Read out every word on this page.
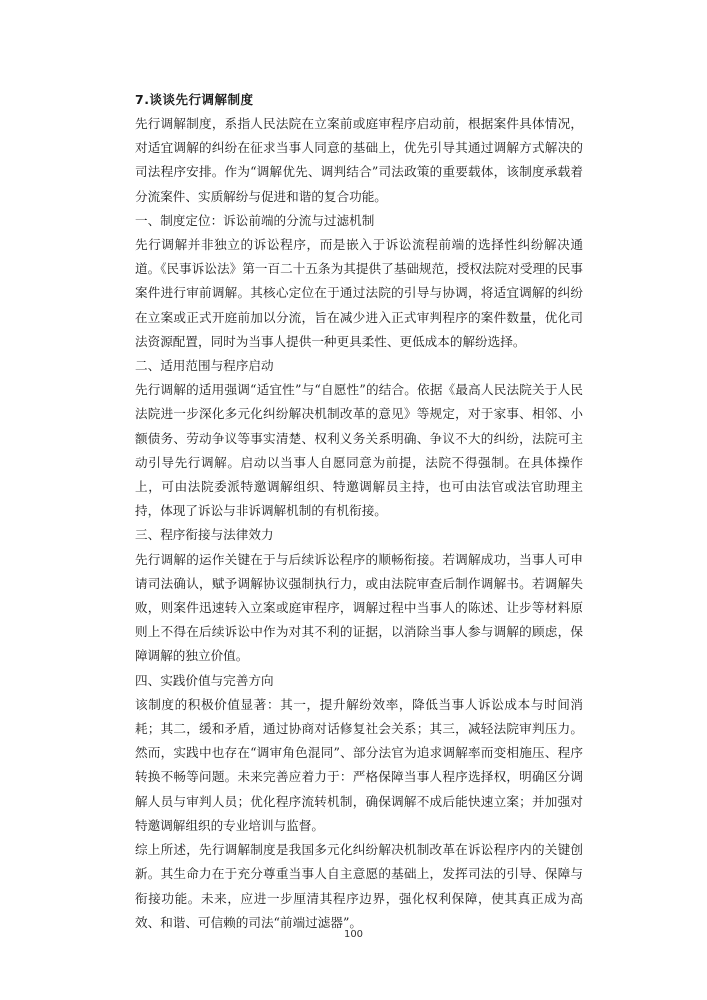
7.谈谈先行调解制度

先行调解制度，系指人民法院在立案前或庭审程序启动前，根据案件具体情况，对适宜调解的纠纷在征求当事人同意的基础上，优先引导其通过调解方式解决的司法程序安排。作为“调解优先、调判结合”司法政策的重要载体，该制度承载着分流案件、实质解纷与促进和谐的复合功能。

一、制度定位：诉讼前端的分流与过滤机制

先行调解并非独立的诉讼程序，而是嵌入于诉讼流程前端的选择性纠纷解决通道。《民事诉讼法》第一百二十五条为其提供了基础规范，授权法院对受理的民事案件进行审前调解。其核心定位在于通过法院的引导与协调，将适宜调解的纠纷在立案或正式开庭前加以分流，旨在减少进入正式审判程序的案件数量，优化司法资源配置，同时为当事人提供一种更具柔性、更低成本的解纷选择。

二、适用范围与程序启动

先行调解的适用强调“适宜性”与“自愿性”的结合。依据《最高人民法院关于人民法院进一步深化多元化纠纷解决机制改革的意见》等规定，对于家事、相邻、小额债务、劳动争议等事实清楚、权利义务关系明确、争议不大的纠纷，法院可主动引导先行调解。启动以当事人自愿同意为前提，法院不得强制。在具体操作上，可由法院委派特邀调解组织、特邀调解员主持，也可由法官或法官助理主持，体现了诉讼与非诉调解机制的有机衔接。

三、程序衔接与法律效力

先行调解的运作关键在于与后续诉讼程序的顺畅衔接。若调解成功，当事人可申请司法确认，赋予调解协议强制执行力，或由法院审查后制作调解书。若调解失败，则案件迅速转入立案或庭审程序，调解过程中当事人的陈述、让步等材料原则上不得在后续诉讼中作为对其不利的证据，以消除当事人参与调解的顾虑，保障调解的独立价值。

四、实践价值与完善方向

该制度的积极价值显著：其一，提升解纷效率，降低当事人诉讼成本与时间消耗；其二，缓和矛盾，通过协商对话修复社会关系；其三，减轻法院审判压力。然而，实践中也存在“调审角色混同”、部分法官为追求调解率而变相施压、程序转换不畅等问题。未来完善应着力于：严格保障当事人程序选择权，明确区分调解人员与审判人员；优化程序流转机制，确保调解不成后能快速立案；并加强对特邀调解组织的专业培训与监督。

综上所述，先行调解制度是我国多元化纠纷解决机制改革在诉讼程序内的关键创新。其生命力在于充分尊重当事人自主意愿的基础上，发挥司法的引导、保障与衔接功能。未来，应进一步厘清其程序边界，强化权利保障，使其真正成为高效、和谐、可信赖的司法“前端过滤器”。

100
